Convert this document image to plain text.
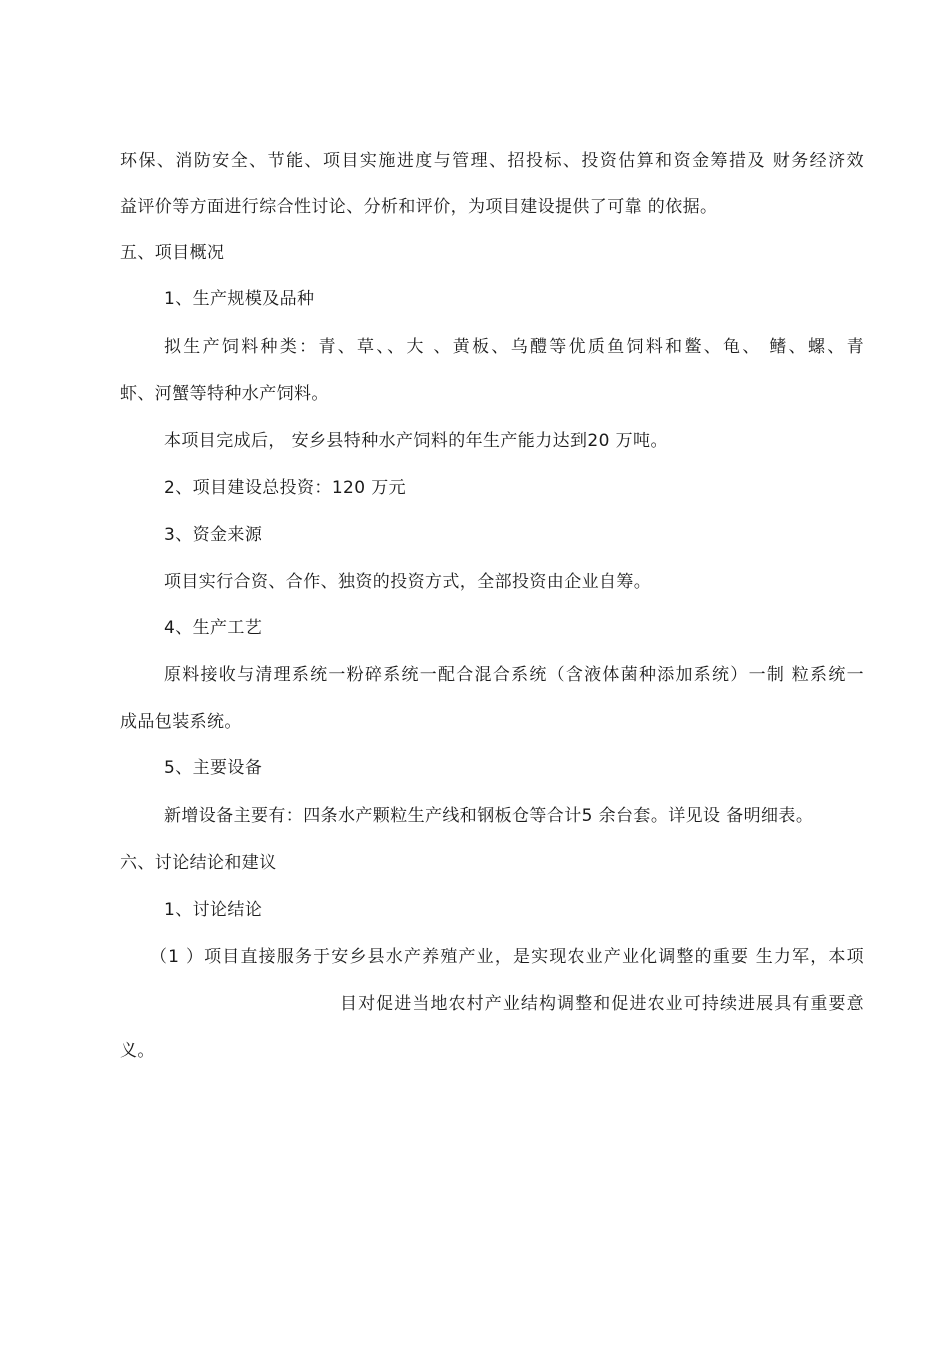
环保、消防安全、节能、项目实施进度与管理、招投标、投资估算和资金筹措及 财务经济效
益评价等方面进行综合性讨论、分析和评价，为项目建设提供了可靠 的依据。
五、项目概况
1、生产规模及品种
拟生产饲料种类：青、草、、大 、黄板、乌醴等优质鱼饲料和鳖、龟、 鳍、螺、青
虾、河蟹等特种水产饲料。
本项目完成后， 安乡县特种水产饲料的年生产能力达到20 万吨。
2、项目建设总投资：120 万元
3、资金来源
项目实行合资、合作、独资的投资方式，全部投资由企业自筹。
4、生产工艺
原料接收与清理系统一粉碎系统一配合混合系统（含液体菌种添加系统）一制 粒系统一
成品包装系统。
5、主要设备
新增设备主要有：四条水产颗粒生产线和钢板仓等合计5 余台套。详见设 备明细表。
六、讨论结论和建议
1、讨论结论
（1 ）项目直接服务于安乡县水产养殖产业，是实现农业产业化调整的重要 生力军，本项
目对促进当地农村产业结构调整和促进农业可持续进展具有重要意
义。
